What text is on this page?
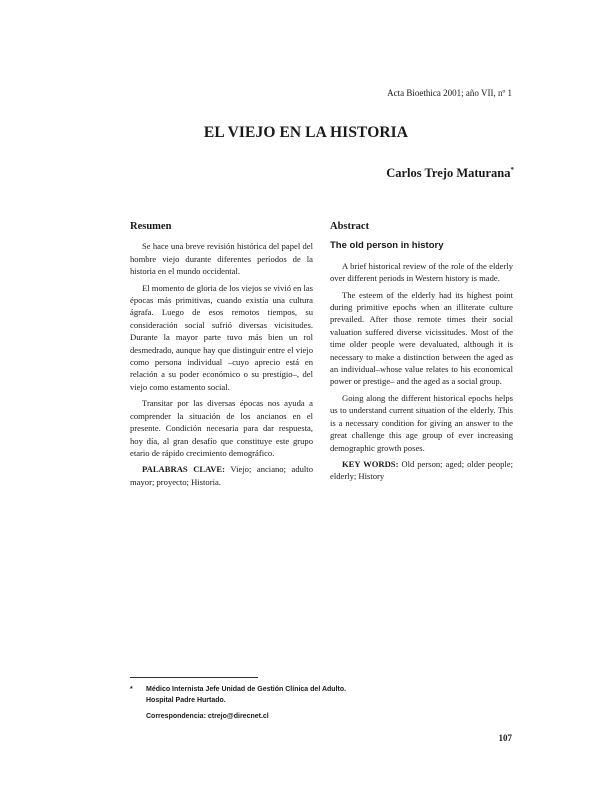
Acta Bioethica 2001; año VII, nº 1
EL VIEJO EN LA HISTORIA
Carlos Trejo Maturana*
Resumen

Se hace una breve revisión histórica del papel del hombre viejo durante diferentes períodos de la historia en el mundo occidental.

El momento de gloria de los viejos se vivió en las épocas más primitivas, cuando existía una cultura ágrafa. Luego de esos remotos tiempos, su consideración social sufrió diversas vicisitudes. Durante la mayor parte tuvo más bien un rol desmedrado, aunque hay que distinguir entre el viejo como persona individual –cuyo aprecio está en relación a su poder económico o su prestigio–, del viejo como estamento social.

Transitar por las diversas épocas nos ayuda a comprender la situación de los ancianos en el presente. Condición necesaria para dar respuesta, hoy día, al gran desafío que constituye este grupo etario de rápido crecimiento demográfico.

PALABRAS CLAVE: Viejo; anciano; adulto mayor; proyecto; Historia.

Abstract
The old person in history

A brief historical review of the role of the elderly over different periods in Western history is made.

The esteem of the elderly had its highest point during primitive epochs when an illiterate culture prevailed. After those remote times their social valuation suffered diverse vicissitudes. Most of the time older people were devaluated, although it is necessary to make a distinction between the aged as an individual–whose value relates to his economical power or prestige– and the aged as a social group.

Going along the different historical epochs helps us to understand current situation of the elderly. This is a necessary condition for giving an answer to the great challenge this age group of ever increasing demographic growth poses.

KEY WORDS: Old person; aged; older people; elderly; History

* Médico Internista Jefe Unidad de Gestión Clínica del Adulto. Hospital Padre Hurtado.
Correspondencia: ctrejo@direcnet.cl
107
